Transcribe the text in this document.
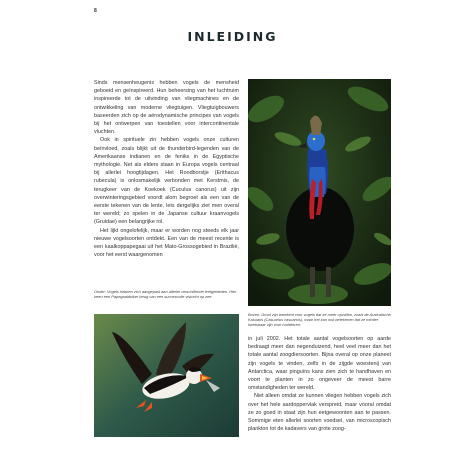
8
INLEIDING

Sinds mensenheugenis hebben vogels de mensheid geboeid en geïnspireerd. Hun beheersing van het luchtruim inspireerde tot de uitvinding van vliegmachines en de ontwikkeling van moderne vliegtuigen. Vliegtuigbouwers baseerden zich op de aërodynamische principes van vogels bij het ontwerpen van toestellen voor intercontinentale vluchten.

Ook in spirituele zin hebben vogels onze culturen beïnvloed, zoals blijkt uit de thunderbird-legenden van de Amerikaanse indianen en de feniks in de Egyptische mythologie. Net als elders staan in Europa vogels centraal bij allerlei hoogtijdagen. Het Roodborstje (Erithacus rubecula) is onlosmakelijk verbonden met Kerstmis, de terugkeer van de Koekoek (Cuculus canorus) uit zijn overwinteringsgebied voordt alom begroet als een van de eerste tekenen van de lente, lets dergelijks ziet men overal ter wereld; zo spelen in de Japanse cultuur kraanvogels (Gruidae) een belangrijke rol.

Het lijkt ongelofelijk, maar er worden nog steeds elk jaar nieuwe vogelsoorten ontdekt. Een van de meest recente is een kaalkoppapegaai uit het Mato-Grossogebied in Brazilië, voor het eerst waargenomen

Onder: Vogels hebben zich aangepast aan allerlei verschillende leefgebieden. Hier keert een Papegaaiduiker terug van een succesvolle vistocht op zee.
Boven: Groot zijn betekent voor vogels dat ze meer opvallen, zoals de Australische Kasuaris (Casuarius casuarius), maar het kan ook betekenen dat ze minder kwetsbaar zijn voor roofdieren.

in juli 2002. Het totale aantal vogelsoorten op aarde bedraagt meer dan negenduizend, heel veel meer dan het totale aantal zoogdiersoorten. Bijna overal op onze planeet zijn vogels te vinden, zelfs in de zijgde woestenij van Antarctica, waar pinguïns kans zien zich te handhaven en voort te planten in zo ongeveer de meest barre omstandigheden ter wereld.

Niet alleen omdat ze kunnen vliegen hebben vogels zich over het hele aardoppervlak verspreid, maar vooral omdat ze zo goed in staat zijn hun eetgewoonten aan te passen. Sommige eten allerlei soorten voedsel, van microscopisch plankton tot de kadavers van grote zoog-
